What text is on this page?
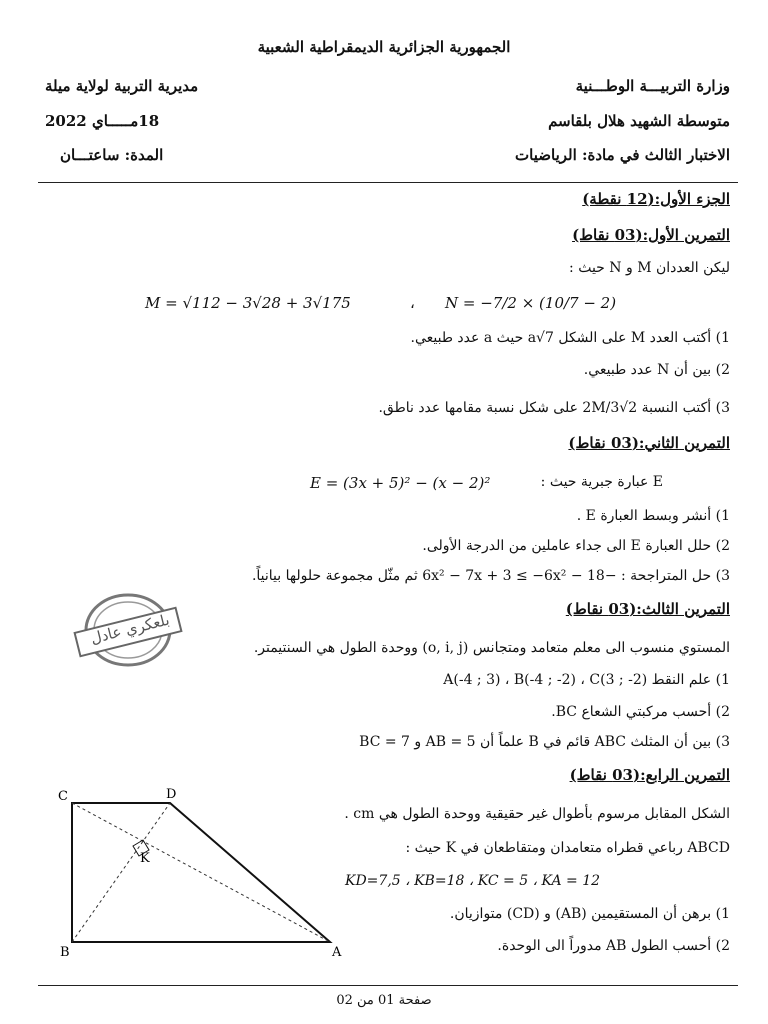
الجمهورية الجزائرية الديمقراطية الشعبية
وزارة التربيـــة الوطـــنية
مديرية التربية لولاية ميلة
متوسطة الشهيد هلال بلقاسم
18مـــــاي 2022
الاختبار الثالث في مادة: الرياضيات
المدة: ساعتـــان
الجزء الأول:(12 نقطة)
التمرين الأول:(03 نقاط)
ليكن العددان M و N حيث :
N = −7/2 × (10/7 − 2)
،
M = √112 − 3√28 + 3√175
1) أكتب العدد M على الشكل a√7 حيث a عدد طبيعي.
2) بين أن N عدد طبيعي.
3) أكتب النسبة 2M/3√2 على شكل نسبة مقامها عدد ناطق.
التمرين الثاني:(03 نقاط)
E عبارة جبرية حيث :
E = (3x + 5)² − (x − 2)²
1) أنشر وبسط العبارة E .
2) حلل العبارة E الى جداء عاملين من الدرجة الأولى.
3) حل المتراجحة : −6x² − 7x + 3 ≤ −6x² − 18 ثم مثّل مجموعة حلولها بيانياً.
التمرين الثالث:(03 نقاط)
بلعكري عادل
المستوي منسوب الى معلم متعامد ومتجانس (o, i, j) ووحدة الطول هي السنتيمتر.
1) علم النقط A(-4 ; 3) ، B(-4 ; -2) ، C(3 ; -2)
2) أحسب مركبتي الشعاع BC.
3) بين أن المثلث ABC قائم في B علماً أن AB = 5 و BC = 7
التمرين الرابع:(03 نقاط)
الشكل المقابل مرسوم بأطوال غير حقيقية ووحدة الطول هي cm .
ABCD رباعي قطراه متعامدان ومتقاطعان في K حيث :
KD=7,5 ، KB=18 ، KC = 5 ، KA = 12
1) برهن أن المستقيمين (AB) و (CD) متوازيان.
2) أحسب الطول AB مدوراً الى الوحدة.
C	D
K
B	A
صفحة 01 من 02
